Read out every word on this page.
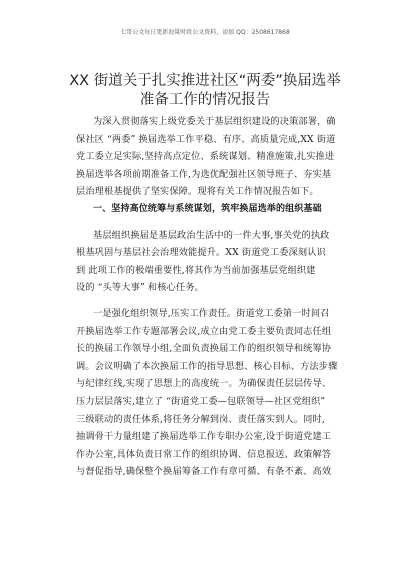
七哥公文每日更新海量时政公文资料，添加 QQ：2508617868
XX 街道关于扎实推进社区“两委”换届选举
准备工作的情况报告
为深入贯彻落实上级党委关于基层组织建设的决策部署，确
保社区 “两委” 换届选举工作平稳、有序、高质量完成,XX 街道
党工委立足实际,坚持高点定位、系统谋划、精准施策,扎实推进
换届选举各项前期准备工作,为选优配强社区领导班子、夯实基
层治理根基提供了坚实保障。现将有关工作情况报告如下。
一、坚持高位统筹与系统谋划，筑牢换届选举的组织基础
基层组织换届是基层政治生活中的一件大事,事关党的执政
根基巩固与基层社会治理效能提升。XX 街道党工委深刻认识
到 此项工作的极端重要性,将其作为当前加强基层党组织建
设的 “头等大事” 和核心任务。
一是强化组织领导,压实工作责任。街道党工委第一时间召
开换届选举工作专题部署会议,成立由党工委主要负责同志任组
长的换届工作领导小组,全面负责换届工作的组织领导和统筹协
调。会议明确了本次换届工作的指导思想、核心目标、方法步骤
与纪律红线,实现了思想上的高度统一。为确保责任层层传导、
压力层层落实,建立了 “街道党工委—包联领导—社区党组织”
三级联动的责任体系,将任务分解到岗、责任落实到人。同时,
抽调骨干力量组建了换届选举工作专职办公室,设于街道党建工
作办公室,具体负责日常工作的组织协调、信息报送、政策解答
与督促指导,确保整个换届筹备工作有章可循、有条不紊、高效
